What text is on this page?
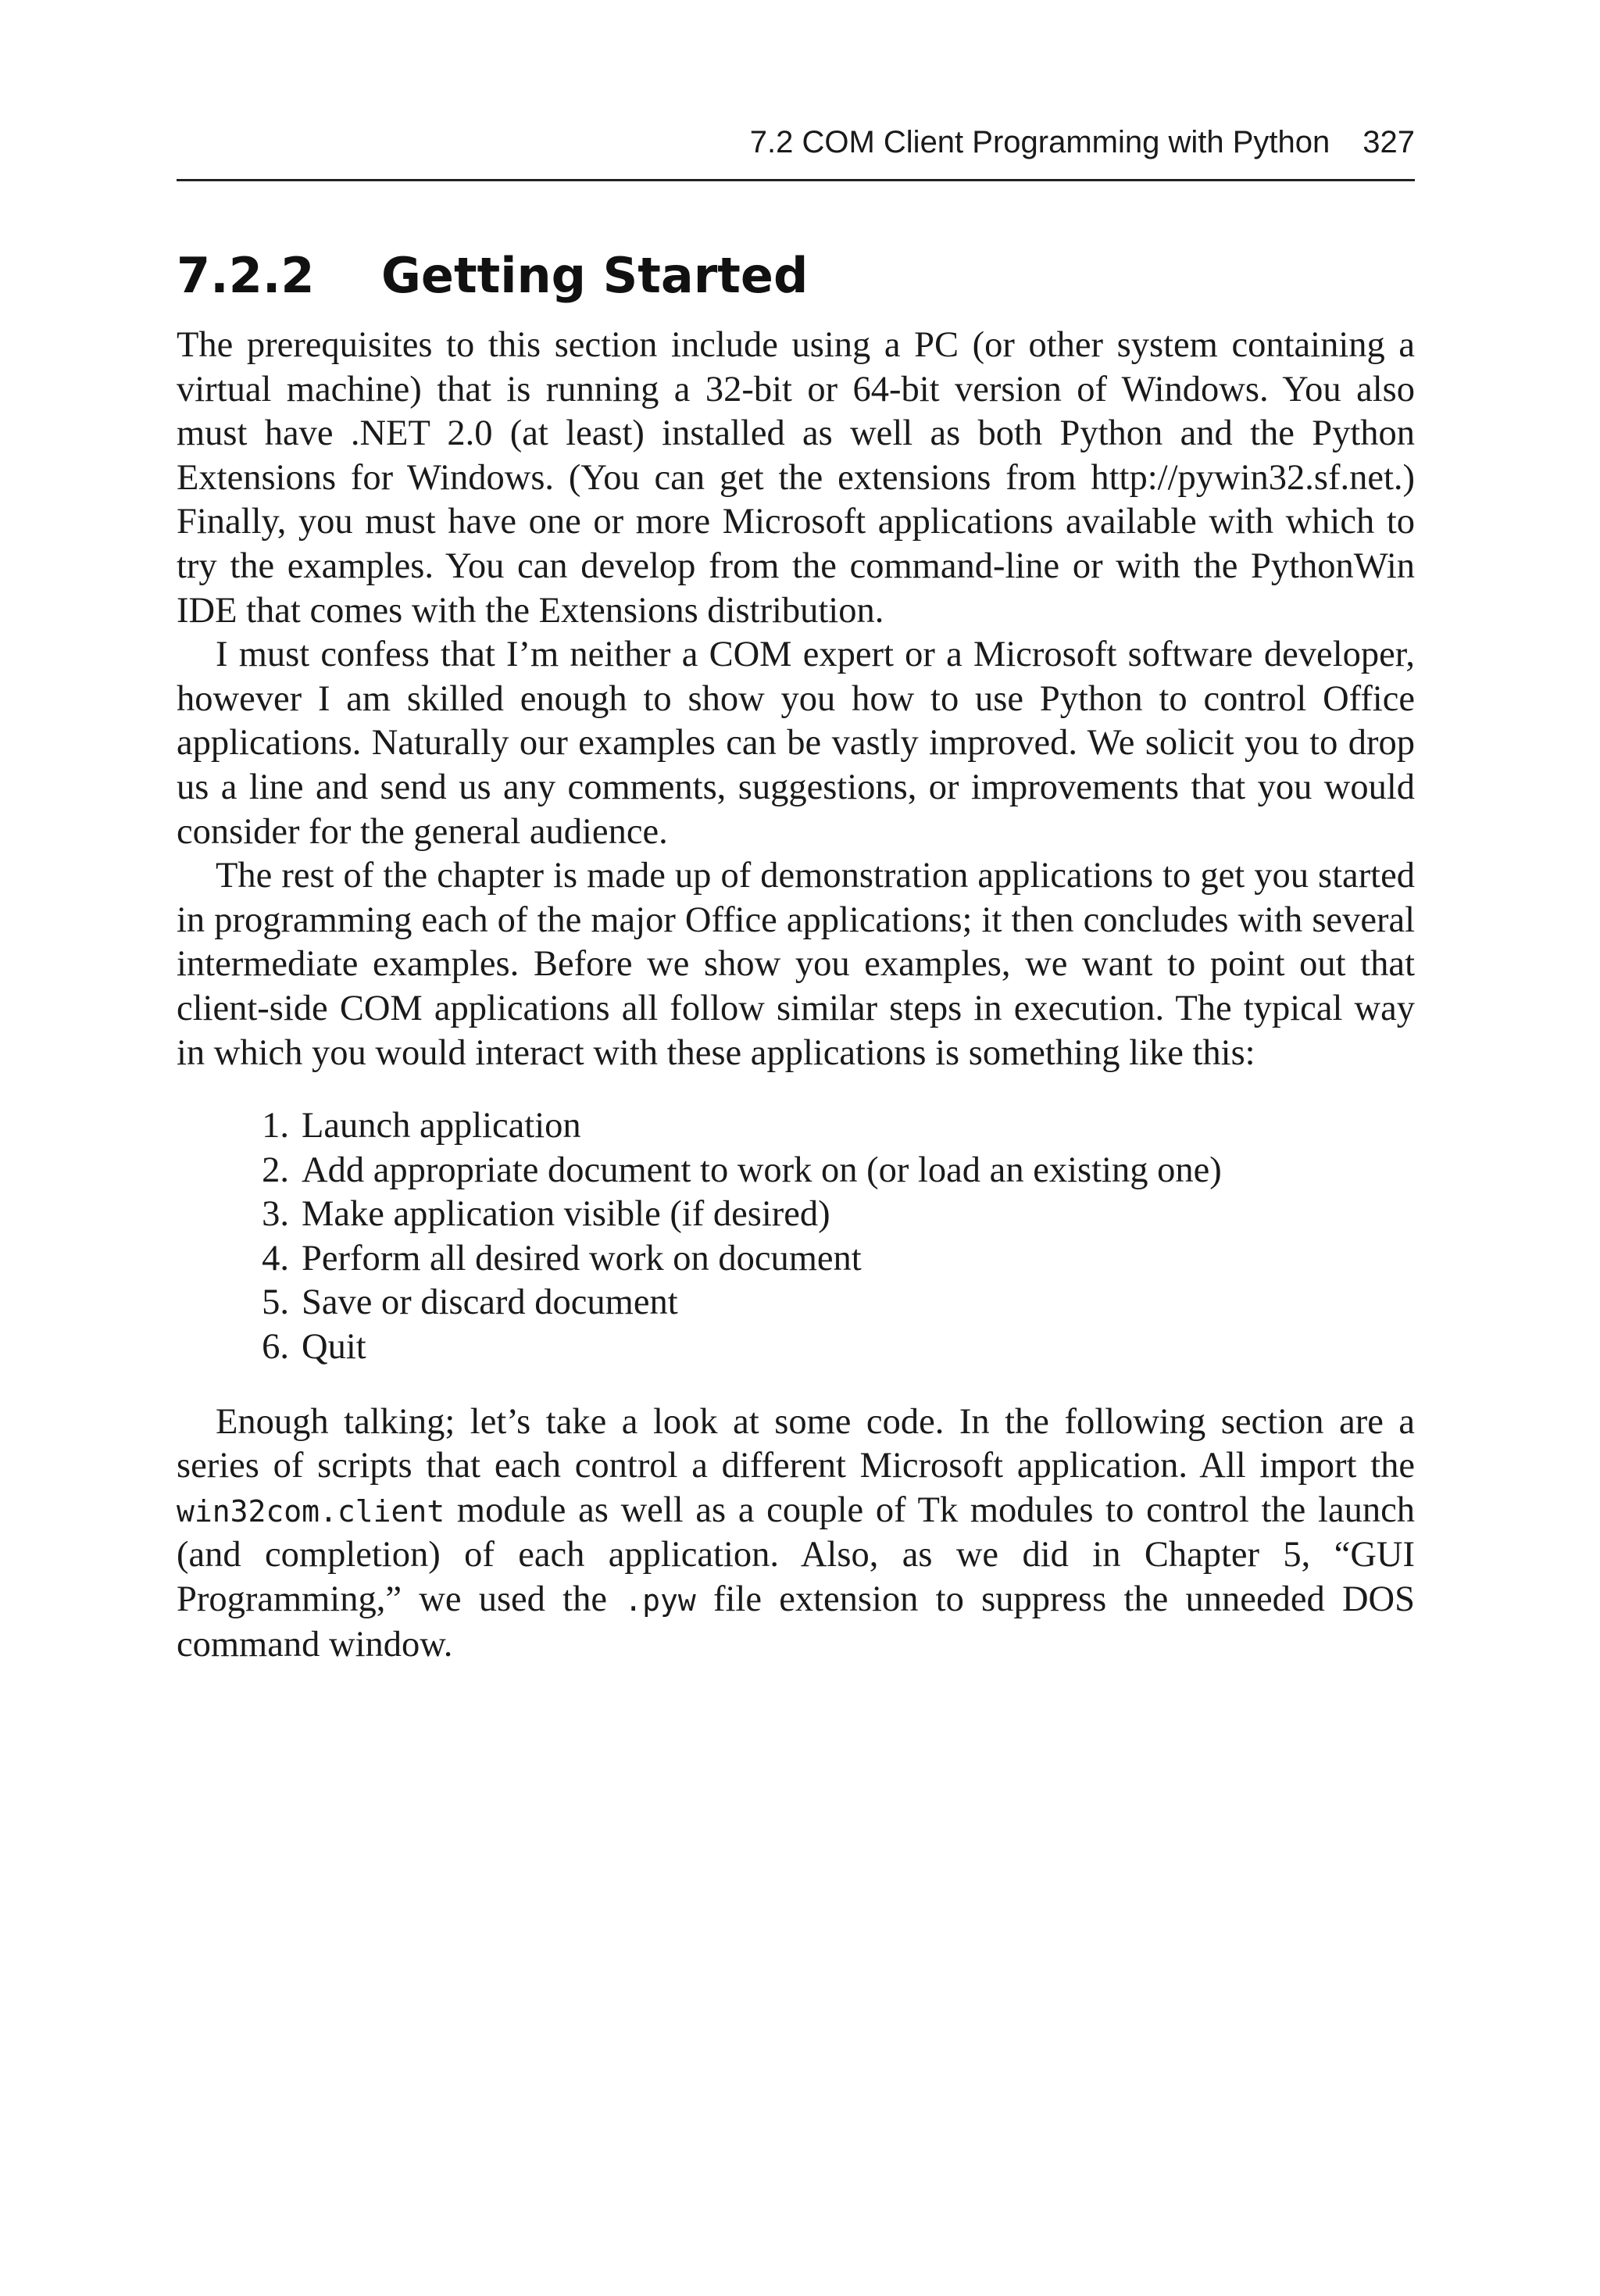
7.2 COM Client Programming with Python 327
7.2.2 Getting Started

The prerequisites to this section include using a PC (or other system containing a virtual machine) that is running a 32-bit or 64-bit version of Windows. You also must have .NET 2.0 (at least) installed as well as both Python and the Python Extensions for Windows. (You can get the extensions from http://pywin32.sf.net.) Finally, you must have one or more Microsoft applications available with which to try the examples. You can develop from the command-line or with the PythonWin IDE that comes with the Extensions distribution.

I must confess that I’m neither a COM expert or a Microsoft software developer, however I am skilled enough to show you how to use Python to control Office applications. Naturally our examples can be vastly improved. We solicit you to drop us a line and send us any comments, suggestions, or improvements that you would consider for the general audience.

The rest of the chapter is made up of demonstration applications to get you started in programming each of the major Office applications; it then concludes with several intermediate examples. Before we show you examples, we want to point out that client-side COM applications all follow similar steps in execution. The typical way in which you would interact with these applications is something like this:

1. Launch application
2. Add appropriate document to work on (or load an existing one)
3. Make application visible (if desired)
4. Perform all desired work on document
5. Save or discard document
6. Quit

Enough talking; let’s take a look at some code. In the following section are a series of scripts that each control a different Microsoft application. All import the win32com.client module as well as a couple of Tk modules to control the launch (and completion) of each application. Also, as we did in Chapter 5, “GUI Programming,” we used the .pyw file extension to suppress the unneeded DOS command window.
